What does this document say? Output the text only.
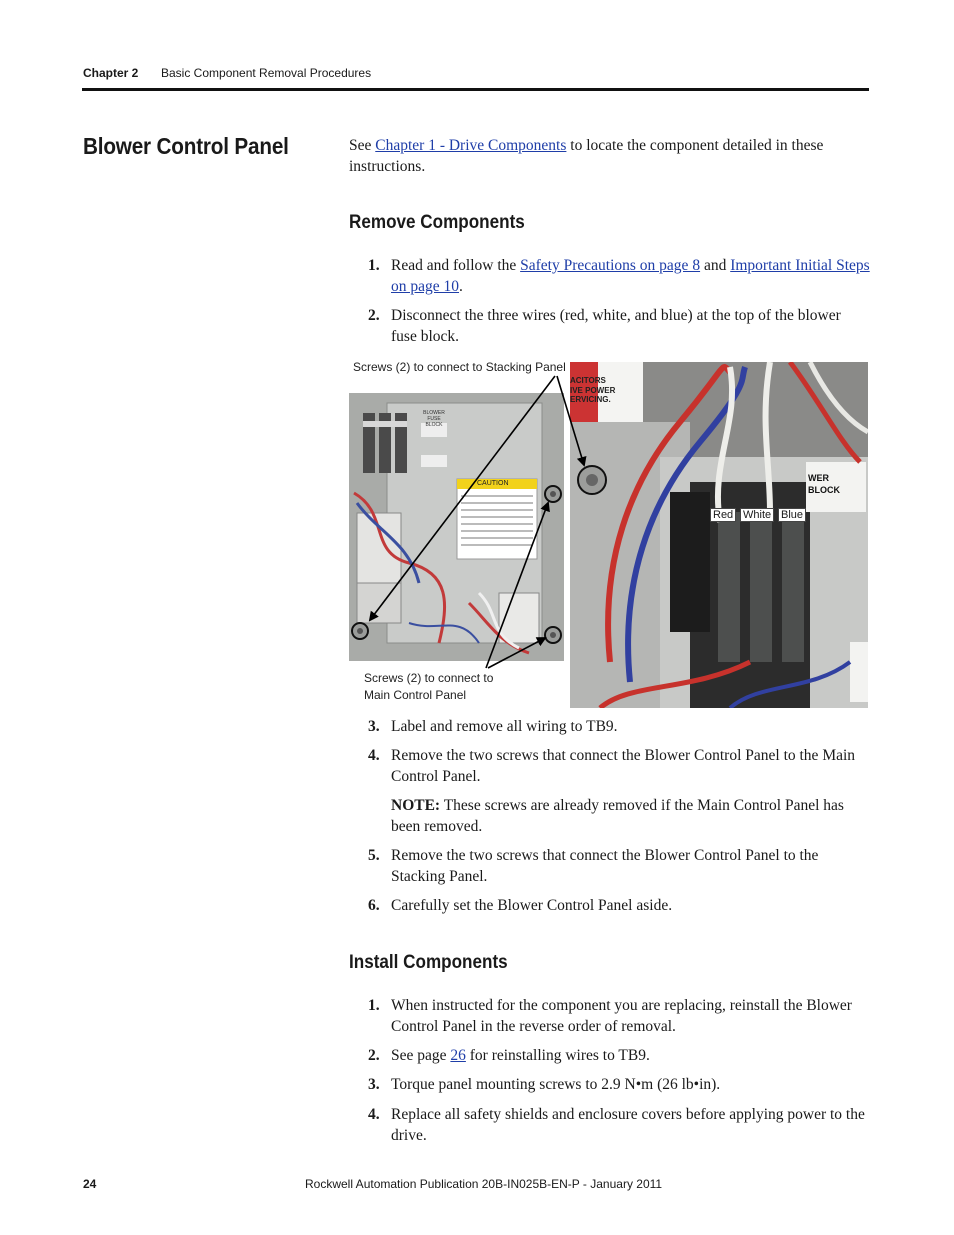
Chapter 2 Basic Component Removal Procedures
Blower Control Panel	See Chapter 1 - Drive Components to locate the component detailed in these instructions.
Remove Components
1. Read and follow the Safety Precautions on page 8 and Important Initial Steps on page 10.
2. Disconnect the three wires (red, white, and blue) at the top of the blower fuse block.
Screws (2) to connect to Stacking Panel
Screws (2) to connect to
Main Control Panel
BLOWER FUSE BLOCK
CAUTION
ACITORS
IVE POWER
ERVICING.
WER
BLOCK
Red White Blue
3. Label and remove all wiring to TB9.
4. Remove the two screws that connect the Blower Control Panel to the Main Control Panel.
NOTE: These screws are already removed if the Main Control Panel has been removed.
5. Remove the two screws that connect the Blower Control Panel to the Stacking Panel.
6. Carefully set the Blower Control Panel aside.
Install Components
1. When instructed for the component you are replacing, reinstall the Blower Control Panel in the reverse order of removal.
2. See page 26 for reinstalling wires to TB9.
3. Torque panel mounting screws to 2.9 N•m (26 lb•in).
4. Replace all safety shields and enclosure covers before applying power to the drive.
24	Rockwell Automation Publication 20B-IN025B-EN-P - January 2011
